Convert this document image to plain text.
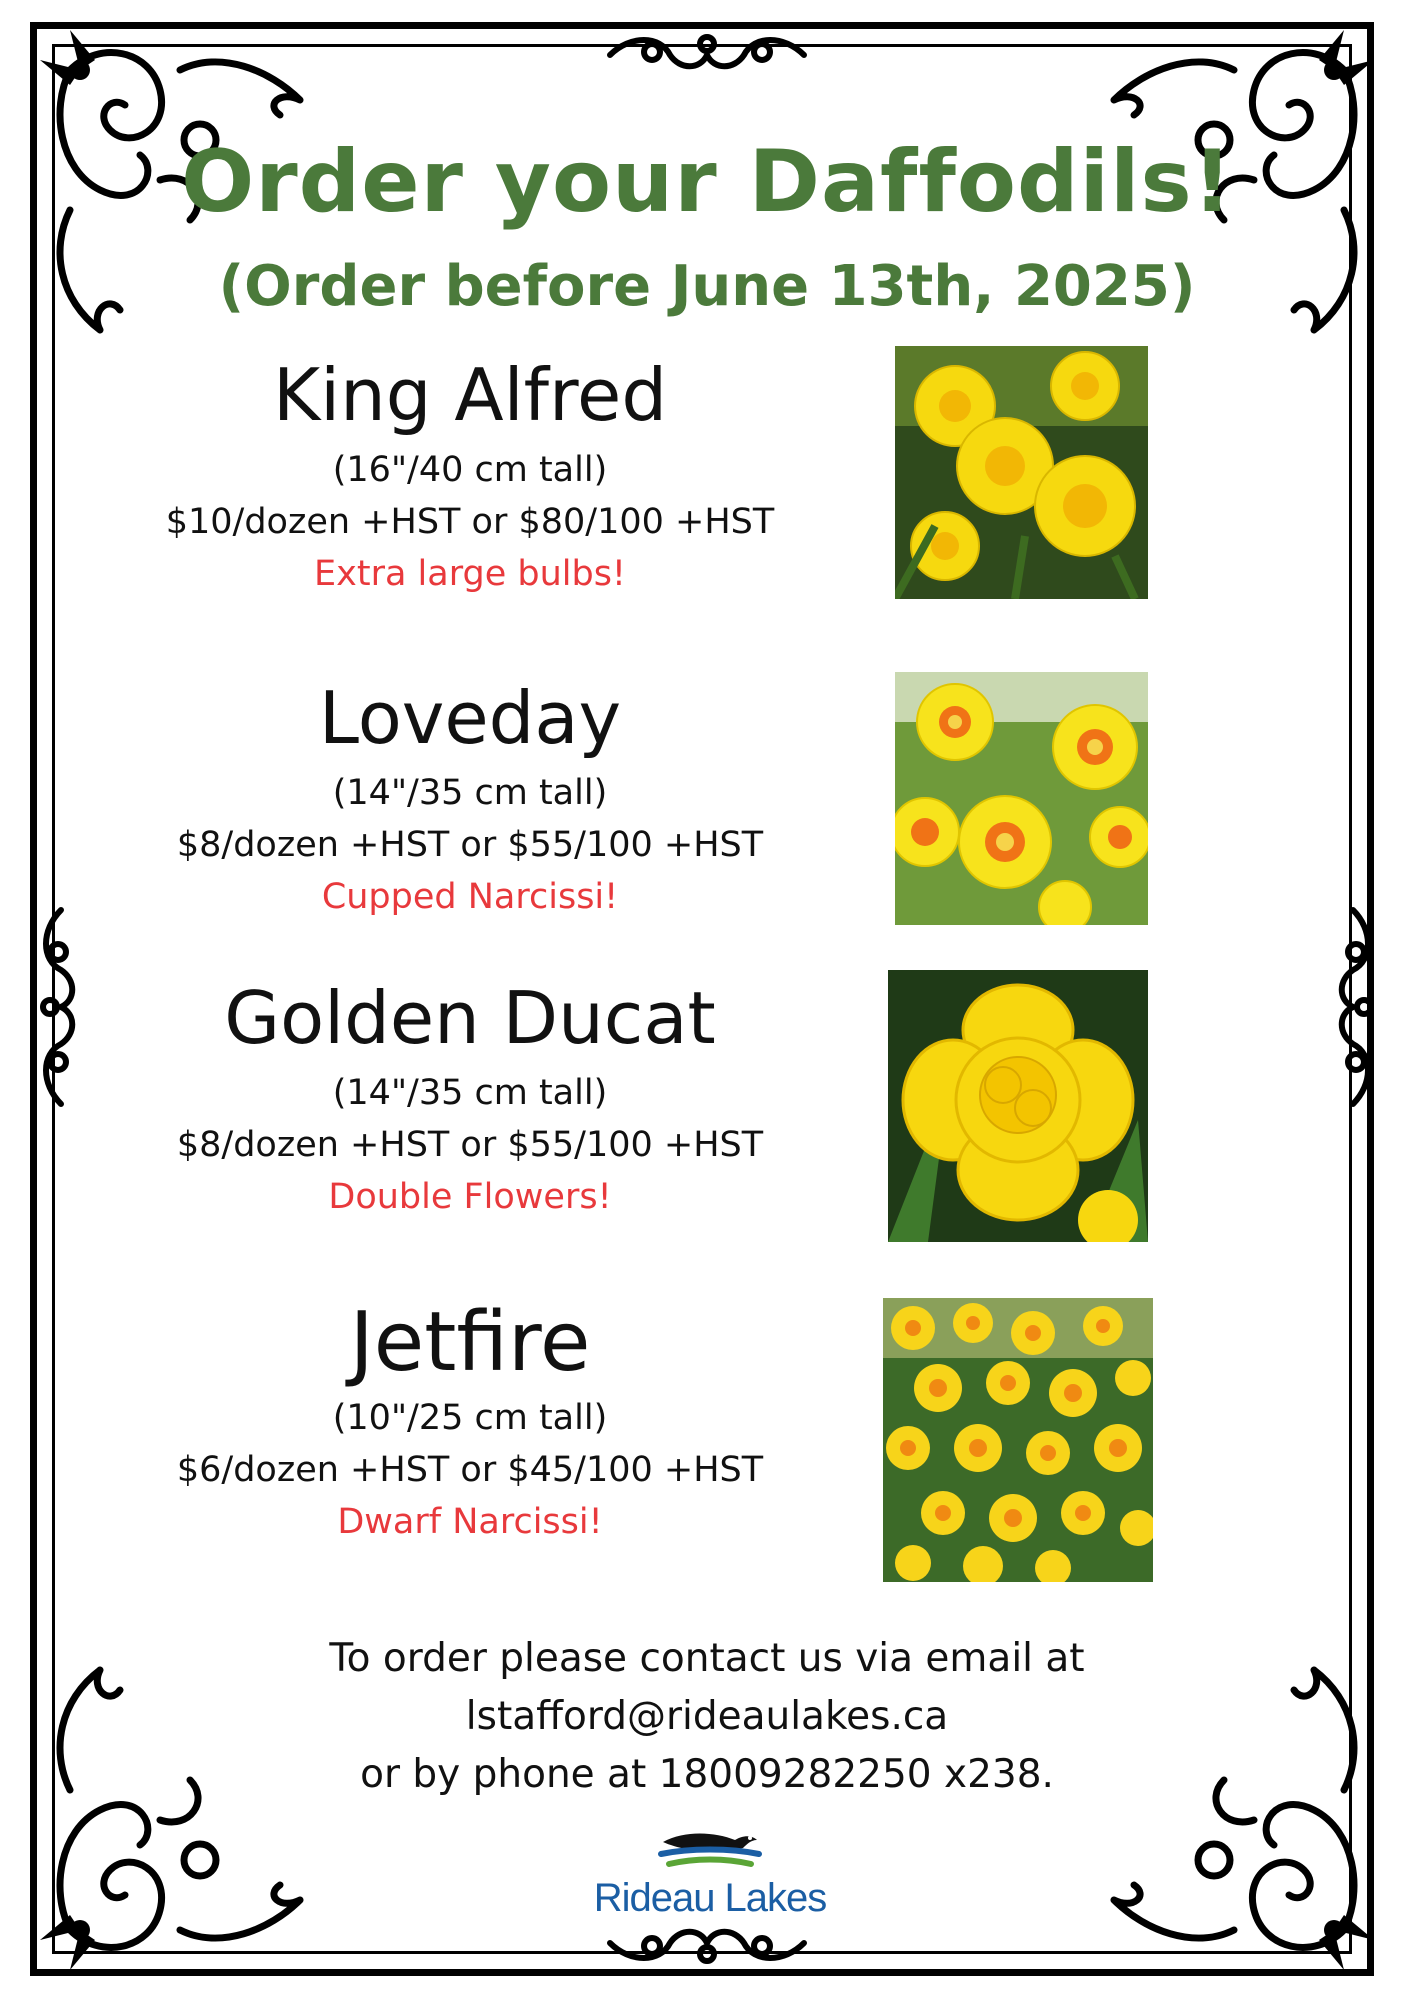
Order your Daffodils!
(Order before June 13th, 2025)

King Alfred

(16"/40 cm tall)

$10/dozen +HST or $80/100 +HST

Extra large bulbs!

Loveday

(14"/35 cm tall)

$8/dozen +HST or $55/100 +HST

Cupped Narcissi!

Golden Ducat

(14"/35 cm tall)

$8/dozen +HST or $55/100 +HST

Double Flowers!

Jetfire

(10"/25 cm tall)

$6/dozen +HST or $45/100 +HST

Dwarf Narcissi!

To order please contact us via email at

lstafford@rideaulakes.ca

or by phone at 18009282250 x238.

Rideau Lakes
